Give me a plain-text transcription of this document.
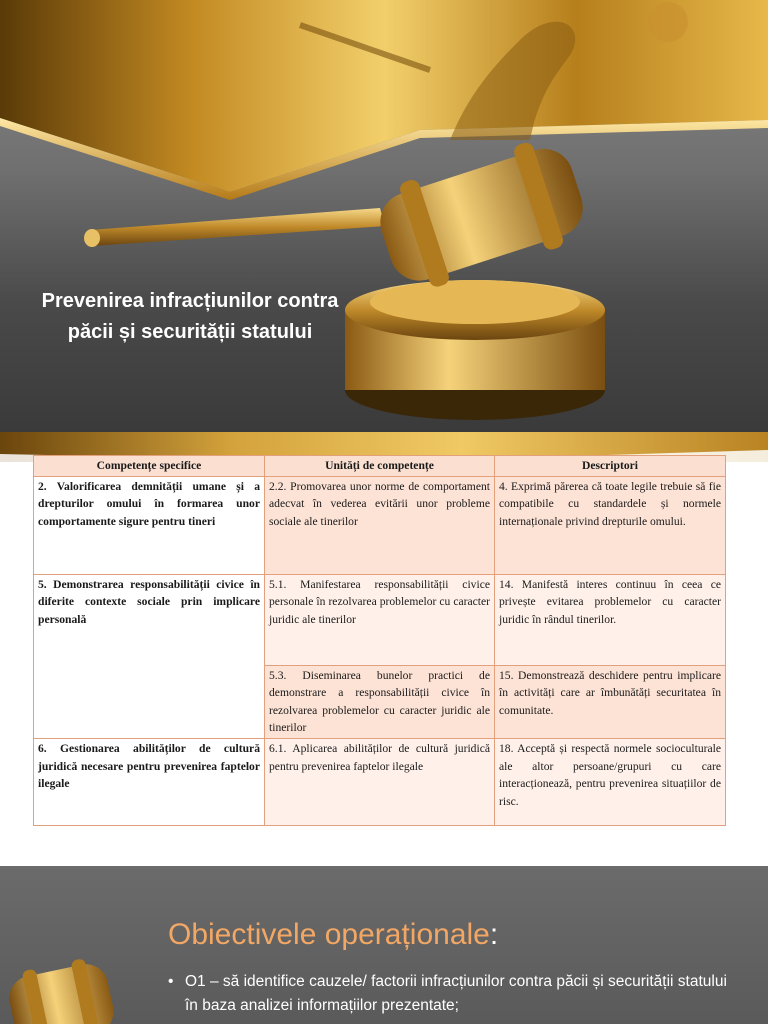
Prevenirea infracțiunilor contra păcii și securității statului
Competențe specifice	Unități de competențe	Descriptori
2. Valorificarea demnității umane și a drepturilor omului în formarea unor comportamente sigure pentru tineri	2.2. Promovarea unor norme de comportament adecvat în vederea evitării unor probleme sociale ale tinerilor	4. Exprimă părerea că toate legile trebuie să fie compatibile cu standardele și normele internaționale privind drepturile omului.
5. Demonstrarea responsabilității civice în diferite contexte sociale prin implicare personală	5.1. Manifestarea responsabilității civice personale în rezolvarea problemelor cu caracter juridic ale tinerilor	14. Manifestă interes continuu în ceea ce privește evitarea problemelor cu caracter juridic în rândul tinerilor.
	5.3. Diseminarea bunelor practici de demonstrare a responsabilității civice în rezolvarea problemelor cu caracter juridic ale tinerilor	15. Demonstrează deschidere pentru implicare în activități care ar îmbunătăți securitatea în comunitate.
6. Gestionarea abilităților de cultură juridică necesare pentru prevenirea faptelor ilegale	6.1. Aplicarea abilităților de cultură juridică pentru prevenirea faptelor ilegale	18. Acceptă și respectă normele socioculturale ale altor persoane/grupuri cu care interacționează, pentru prevenirea situațiilor de risc.
Obiectivele operaționale:
• O1 – să identifice cauzele/ factorii infracțiunilor contra păcii și securității statului în baza analizei informațiilor prezentate;
